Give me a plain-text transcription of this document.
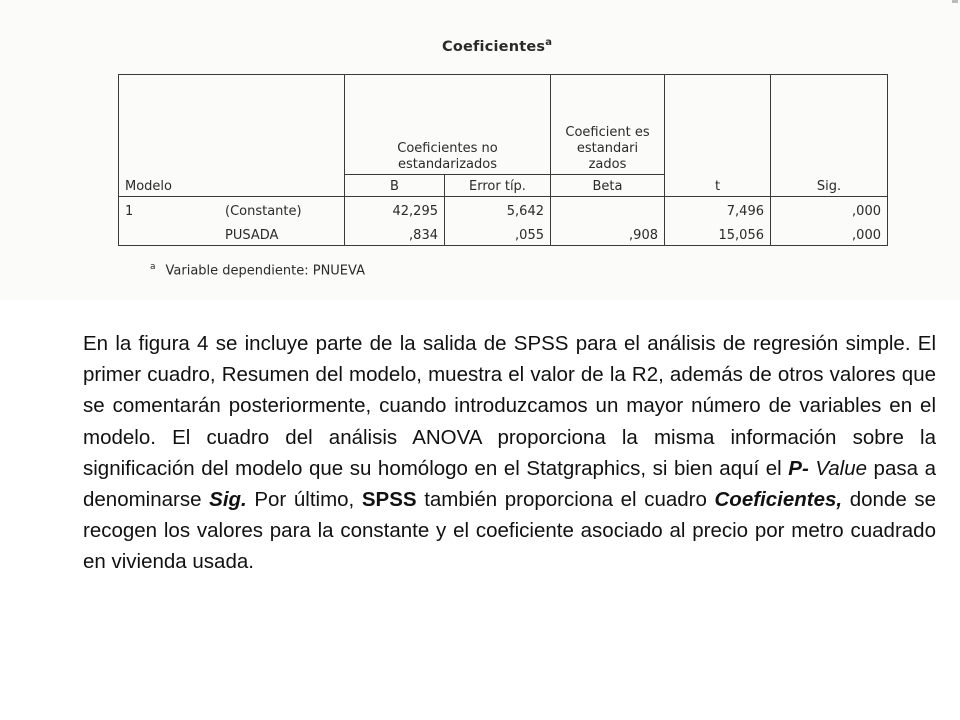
Coeficientes$^a$
Modelo	Coeficientes no estandarizados		Coeficient es estandari zados	t	Sig.
	B	Error típ.	Beta		
1 (Constante)	42,295	5,642		7,496	,000
PUSADA	,834	,055	,908	15,056	,000
$^a$ Variable dependiente: PNUEVA
En la figura 4 se incluye parte de la salida de SPSS para el análisis de regresión simple. El primer cuadro, Resumen del modelo, muestra el valor de la R2, además de otros valores que se comentarán posteriormente, cuando introduzcamos un mayor número de variables en el modelo. El cuadro del análisis ANOVA proporciona la misma información sobre la significación del modelo que su homólogo en el Statgraphics, si bien aquí el P- Value pasa a denominarse Sig. Por último, SPSS también proporciona el cuadro Coeficientes, donde se recogen los valores para la constante y el coeficiente asociado al precio por metro cuadrado en vivienda usada.
